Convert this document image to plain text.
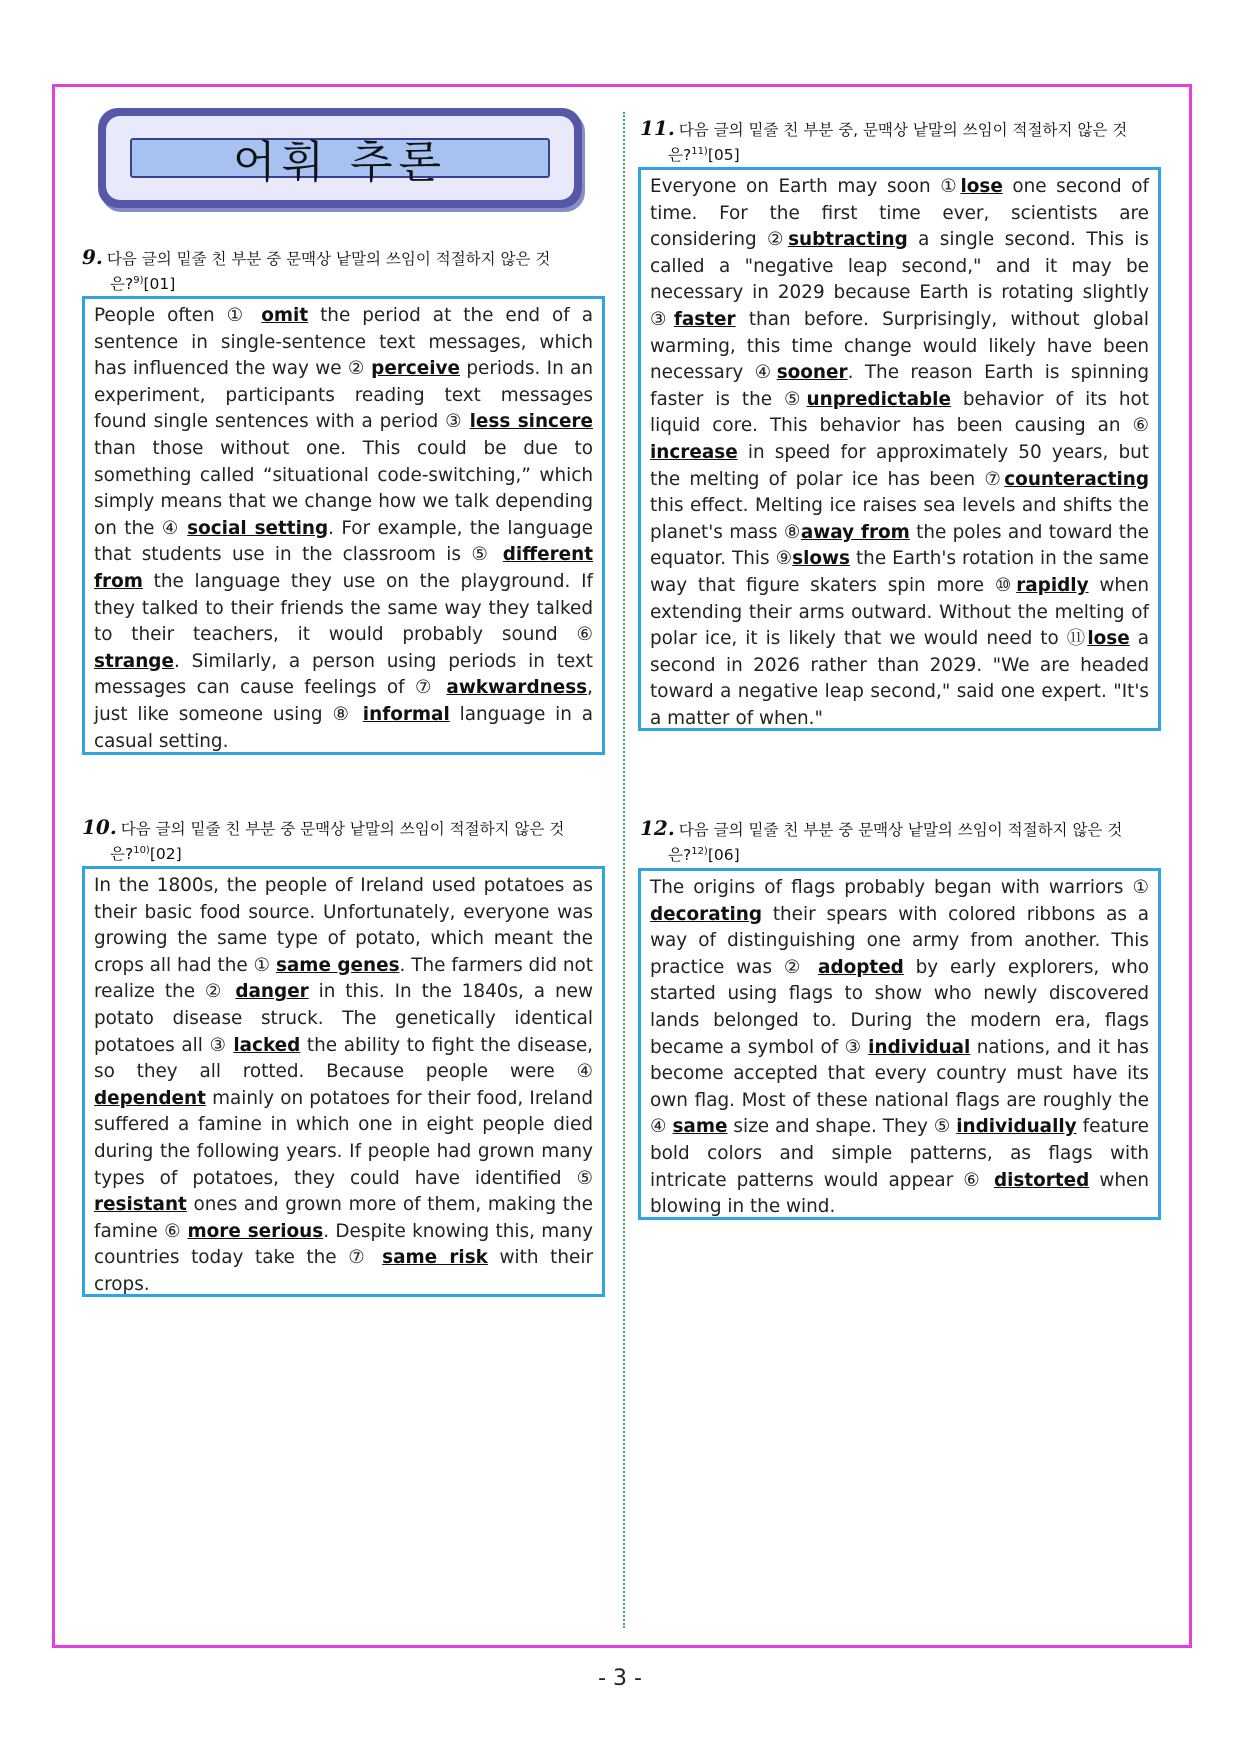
어휘 추론
9. 다음 글의 밑줄 친 부분 중 문맥상 낱말의 쓰임이 적절하지 않은 것
은?$^{9)}$[01]

People often ① omit the period at the end of a sentence in single-sentence text messages, which has influenced the way we ② perceive periods. In an experiment, participants reading text messages found single sentences with a period ③ less sincere than those without one. This could be due to something called “situational code-switching,” which simply means that we change how we talk depending on the ④ social setting. For example, the language that students use in the classroom is ⑤ different from the language they use on the playground. If they talked to their friends the same way they talked to their teachers, it would probably sound ⑥ strange. Similarly, a person using periods in text messages can cause feelings of ⑦ awkwardness, just like someone using ⑧ informal language in a casual setting.

10. 다음 글의 밑줄 친 부분 중 문맥상 낱말의 쓰임이 적절하지 않은 것
은?$^{10)}$[02]

In the 1800s, the people of Ireland used potatoes as their basic food source. Unfortunately, everyone was growing the same type of potato, which meant the crops all had the ① same genes. The farmers did not realize the ② danger in this. In the 1840s, a new potato disease struck. The genetically identical potatoes all ③ lacked the ability to fight the disease, so they all rotted. Because people were ④ dependent mainly on potatoes for their food, Ireland suffered a famine in which one in eight people died during the following years. If people had grown many types of potatoes, they could have identified ⑤ resistant ones and grown more of them, making the famine ⑥ more serious. Despite knowing this, many countries today take the ⑦ same risk with their crops.

11. 다음 글의 밑줄 친 부분 중, 문맥상 낱말의 쓰임이 적절하지 않은 것
은?$^{11)}$[05]

Everyone on Earth may soon ①lose one second of time. For the first time ever, scientists are considering ②subtracting a single second. This is called a "negative leap second," and it may be necessary in 2029 because Earth is rotating slightly ③faster than before. Surprisingly, without global warming, this time change would likely have been necessary ④sooner. The reason Earth is spinning faster is the ⑤unpredictable behavior of its hot liquid core. This behavior has been causing an ⑥ increase in speed for approximately 50 years, but the melting of polar ice has been ⑦counteracting this effect. Melting ice raises sea levels and shifts the planet's mass ⑧away from the poles and toward the equator. This ⑨slows the Earth's rotation in the same way that figure skaters spin more ⑩rapidly when extending their arms outward. Without the melting of polar ice, it is likely that we would need to ⑪lose a second in 2026 rather than 2029. "We are headed toward a negative leap second," said one expert. "It's a matter of when."

12. 다음 글의 밑줄 친 부분 중 문맥상 낱말의 쓰임이 적절하지 않은 것
은?$^{12)}$[06]

The origins of flags probably began with warriors ① decorating their spears with colored ribbons as a way of distinguishing one army from another. This practice was ② adopted by early explorers, who started using flags to show who newly discovered lands belonged to. During the modern era, flags became a symbol of ③ individual nations, and it has become accepted that every country must have its own flag. Most of these national flags are roughly the ④ same size and shape. They ⑤ individually feature bold colors and simple patterns, as flags with intricate patterns would appear ⑥ distorted when blowing in the wind.

- 3 -
